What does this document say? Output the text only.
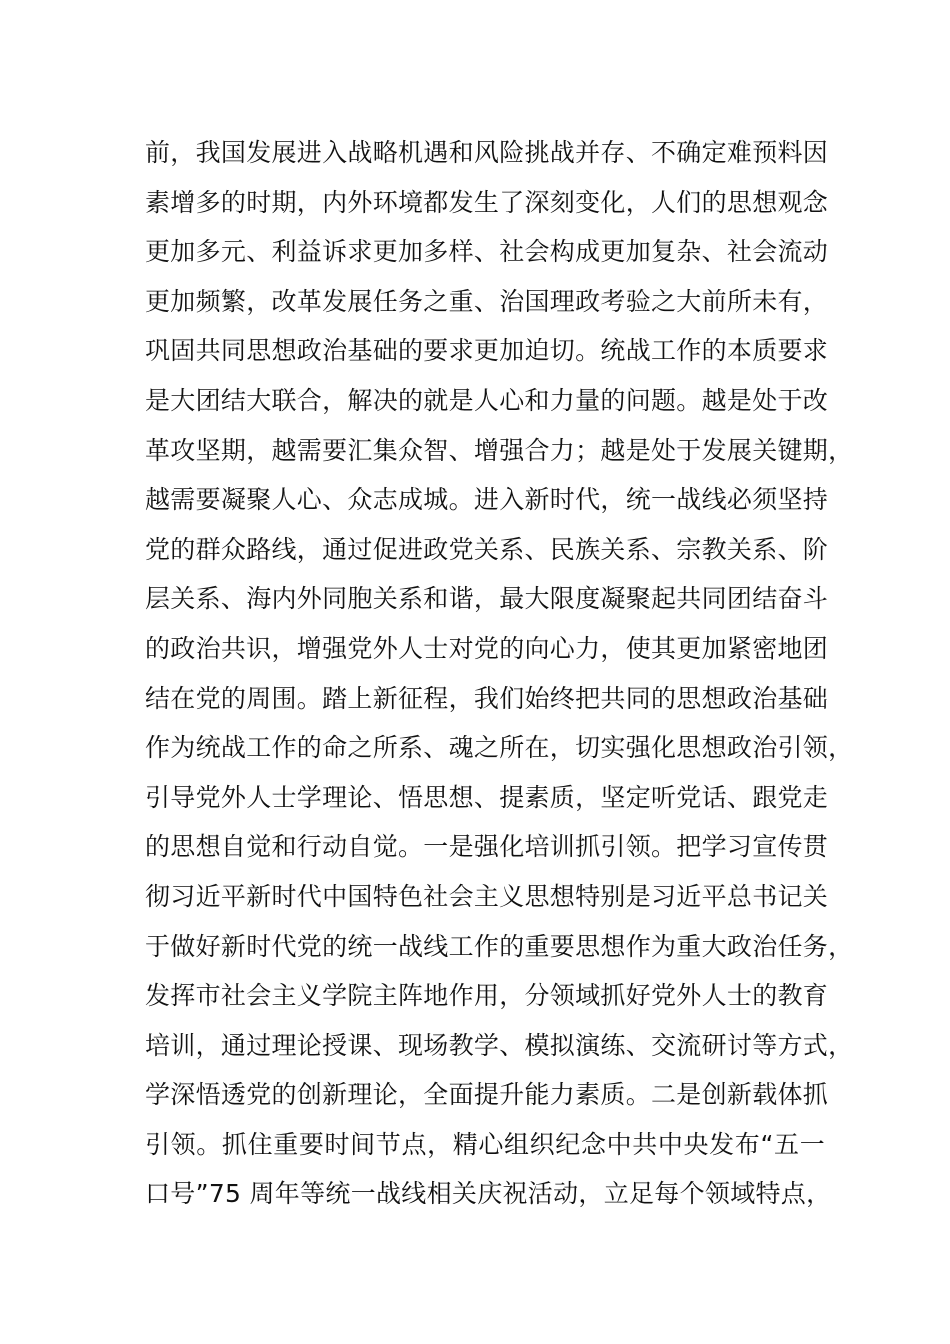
前，我国发展进入战略机遇和风险挑战并存、不确定难预料因
素增多的时期，内外环境都发生了深刻变化，人们的思想观念
更加多元、利益诉求更加多样、社会构成更加复杂、社会流动
更加频繁，改革发展任务之重、治国理政考验之大前所未有，
巩固共同思想政治基础的要求更加迫切。统战工作的本质要求
是大团结大联合，解决的就是人心和力量的问题。越是处于改
革攻坚期，越需要汇集众智、增强合力；越是处于发展关键期，
越需要凝聚人心、众志成城。进入新时代，统一战线必须坚持
党的群众路线，通过促进政党关系、民族关系、宗教关系、阶
层关系、海内外同胞关系和谐，最大限度凝聚起共同团结奋斗
的政治共识，增强党外人士对党的向心力，使其更加紧密地团
结在党的周围。踏上新征程，我们始终把共同的思想政治基础
作为统战工作的命之所系、魂之所在，切实强化思想政治引领，
引导党外人士学理论、悟思想、提素质，坚定听党话、跟党走
的思想自觉和行动自觉。一是强化培训抓引领。把学习宣传贯
彻习近平新时代中国特色社会主义思想特别是习近平总书记关
于做好新时代党的统一战线工作的重要思想作为重大政治任务，
发挥市社会主义学院主阵地作用，分领域抓好党外人士的教育
培训，通过理论授课、现场教学、模拟演练、交流研讨等方式，
学深悟透党的创新理论，全面提升能力素质。二是创新载体抓
引领。抓住重要时间节点，精心组织纪念中共中央发布“五一
口号”75 周年等统一战线相关庆祝活动，立足每个领域特点，
